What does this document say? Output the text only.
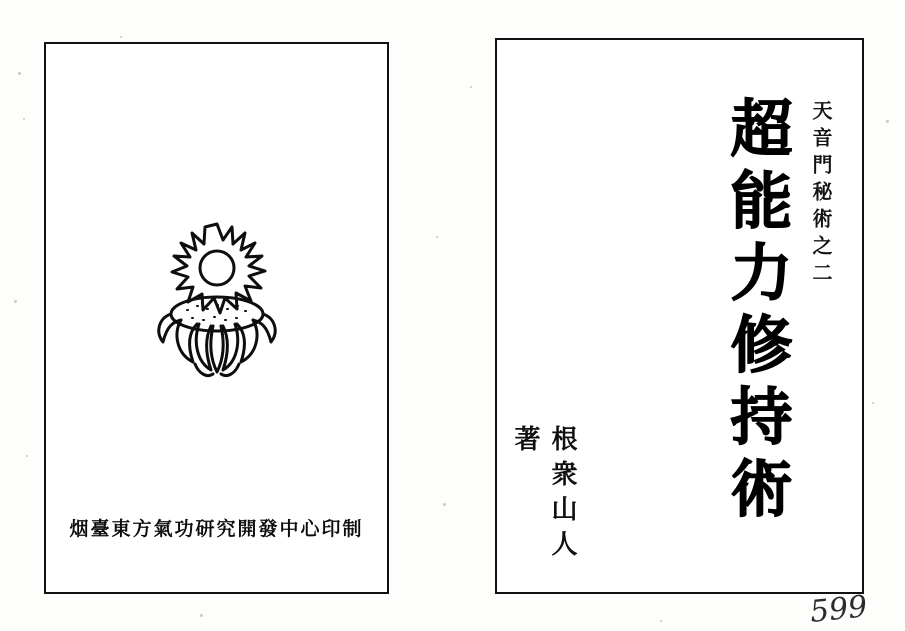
烟臺東方氣功研究開發中心印制
天音門秘術之二
超能力修持術
根衆山人著
599
